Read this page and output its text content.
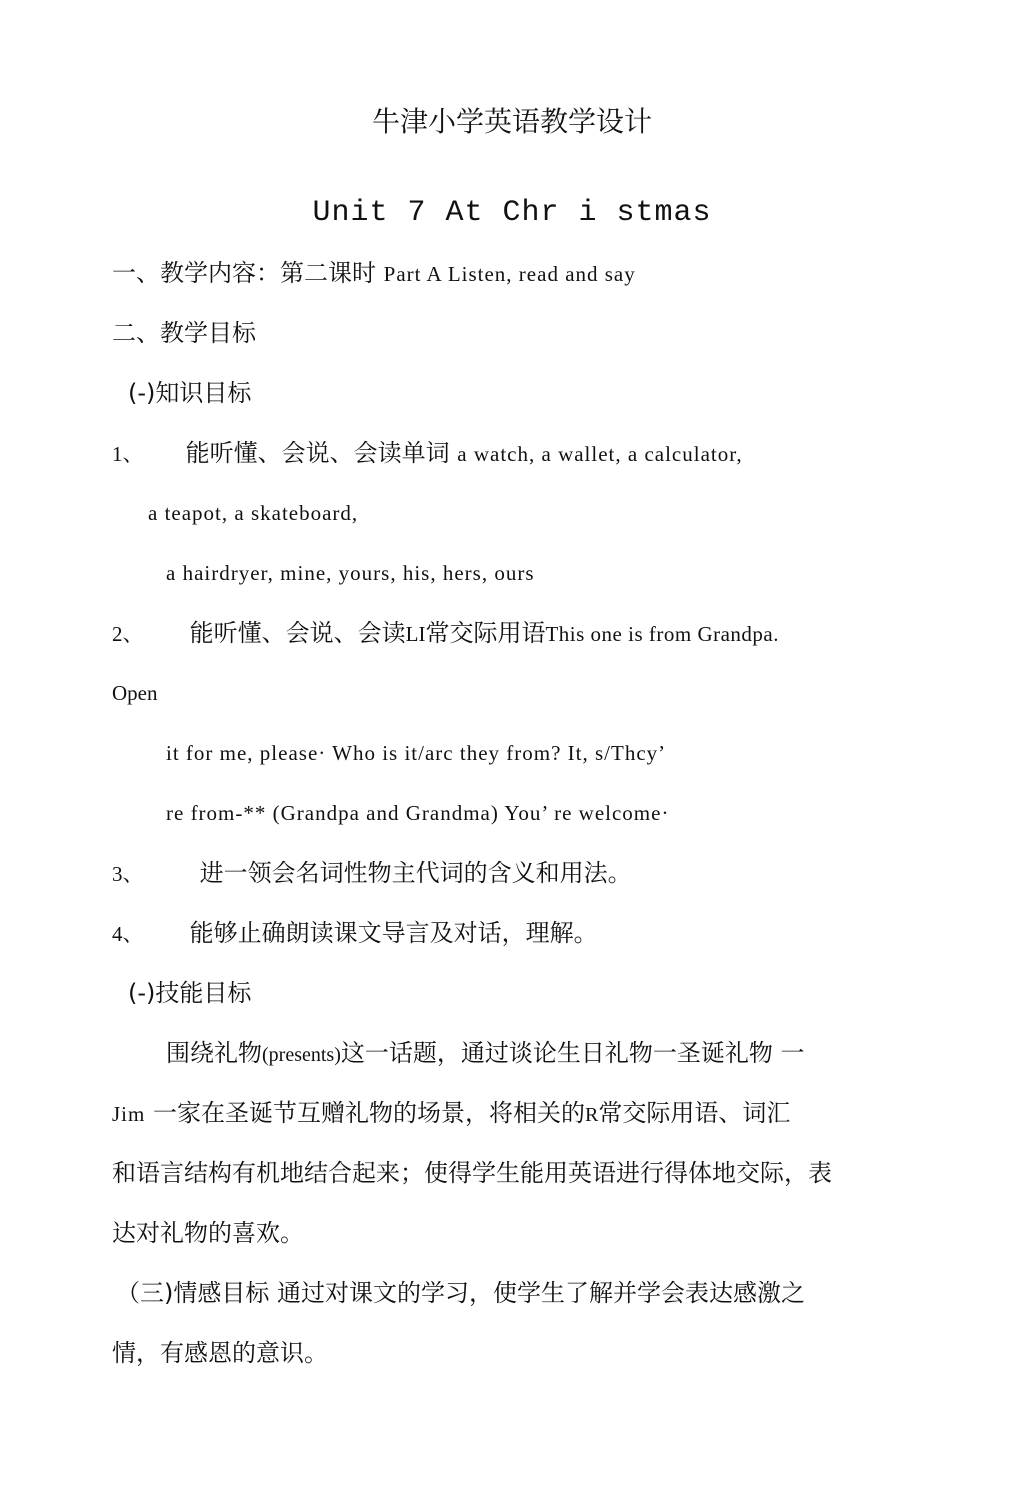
牛津小学英语教学设计
Unit 7 At Chr i stmas
一、教学内容：第二课时 Part A Listen, read and say
二、教学目标
(-)知识目标
1、 能听懂、会说、会读单词 a watch, a wallet, a calculator,
a teapot, a skateboard,
a hairdryer, mine, yours, his, hers, ours
2、 能听懂、会说、会读LI常交际用语This one is from Grandpa.
Open
it for me, please· Who is it/arc they from? It, s/Thcy’
re from-** (Grandpa and Grandma) You’ re welcome·
3、 进一领会名词性物主代词的含义和用法。
4、 能够止确朗读课文导言及对话，理解。
(-)技能目标
围绕礼物(presents)这一话题，通过谈论生日礼物一圣诞礼物 一
Jim 一家在圣诞节互赠礼物的场景，将相关的R常交际用语、词汇
和语言结构有机地结合起来；使得学生能用英语进行得体地交际，表
达对礼物的喜欢。
（三)情感目标 通过对课文的学习，使学生了解并学会表达感激之
情，有感恩的意识。
